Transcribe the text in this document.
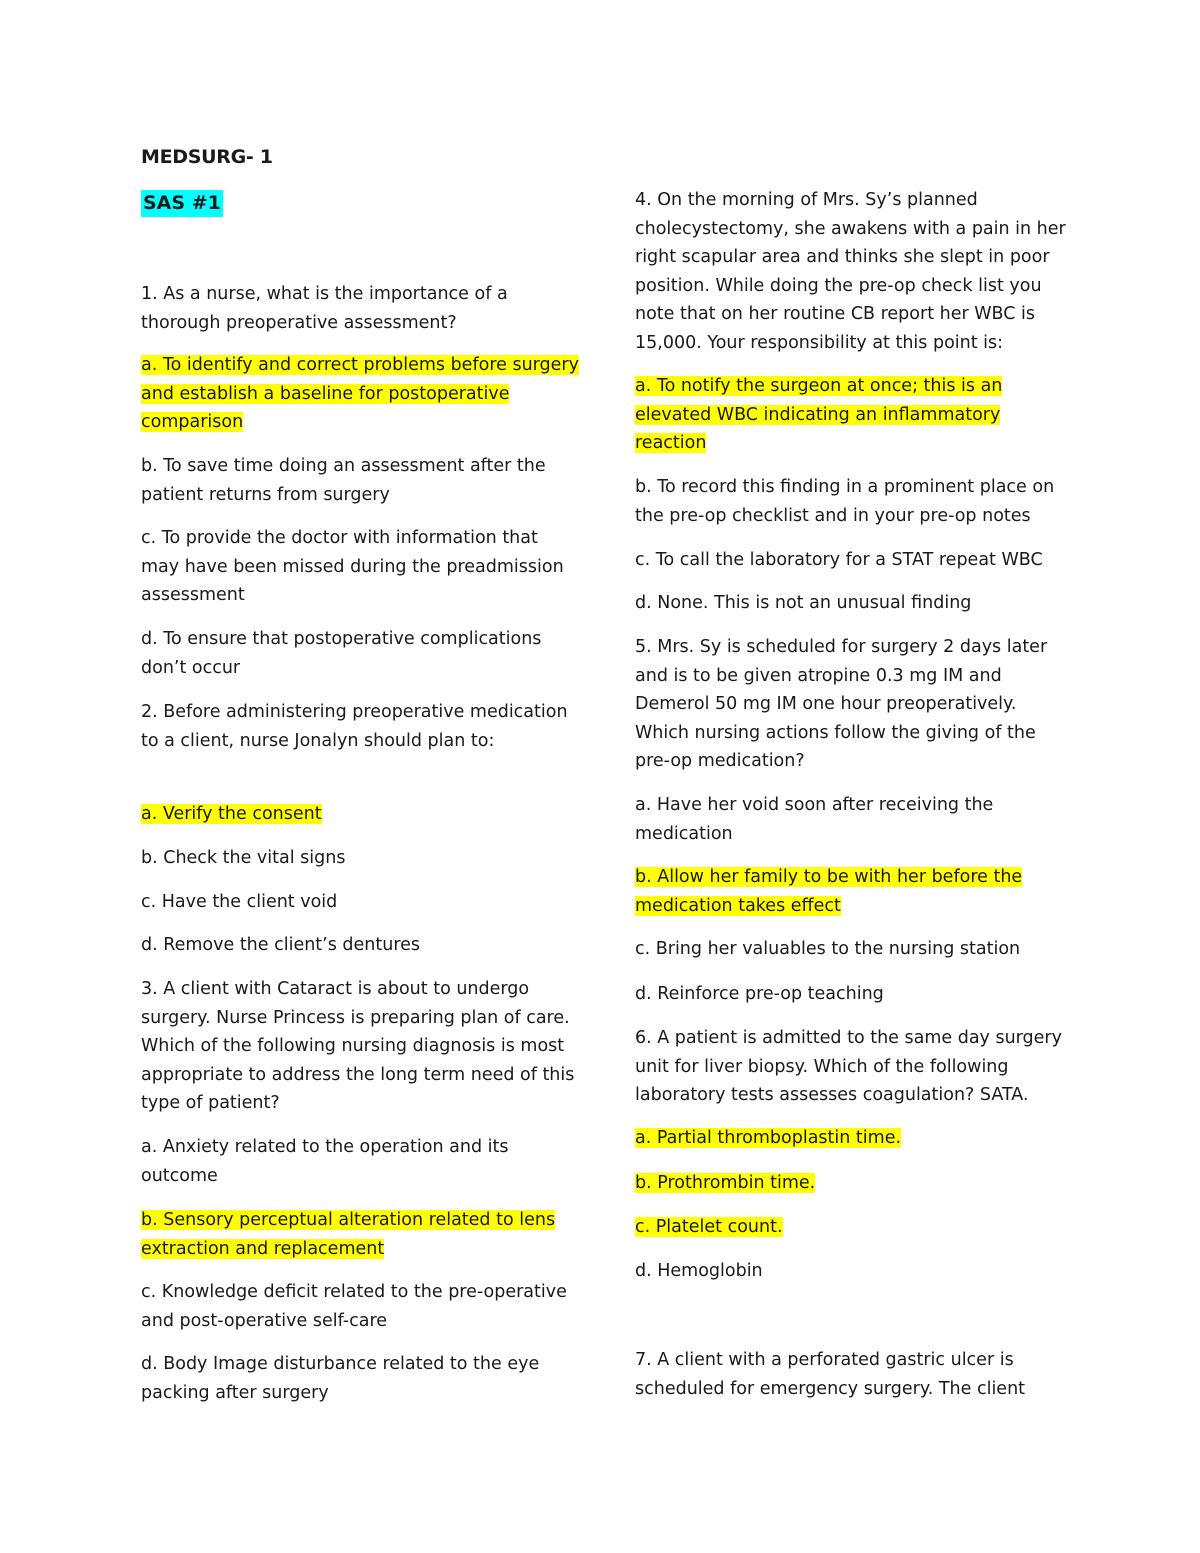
MEDSURG- 1
SAS #1

1. As a nurse, what is the importance of a thorough preoperative assessment?

a. To identify and correct problems before surgery and establish a baseline for postoperative comparison

b. To save time doing an assessment after the patient returns from surgery

c. To provide the doctor with information that may have been missed during the preadmission assessment

d. To ensure that postoperative complications don’t occur

2. Before administering preoperative medication to a client, nurse Jonalyn should plan to:

a. Verify the consent

b. Check the vital signs

c. Have the client void

d. Remove the client’s dentures

3. A client with Cataract is about to undergo surgery. Nurse Princess is preparing plan of care. Which of the following nursing diagnosis is most appropriate to address the long term need of this type of patient?

a. Anxiety related to the operation and its outcome

b. Sensory perceptual alteration related to lens extraction and replacement

c. Knowledge deficit related to the pre-operative and post-operative self-care

d. Body Image disturbance related to the eye packing after surgery

4. On the morning of Mrs. Sy’s planned cholecystectomy, she awakens with a pain in her right scapular area and thinks she slept in poor position. While doing the pre-op check list you note that on her routine CB report her WBC is 15,000. Your responsibility at this point is:

a. To notify the surgeon at once; this is an elevated WBC indicating an inflammatory reaction

b. To record this finding in a prominent place on the pre-op checklist and in your pre-op notes

c. To call the laboratory for a STAT repeat WBC

d. None. This is not an unusual finding

5. Mrs. Sy is scheduled for surgery 2 days later and is to be given atropine 0.3 mg IM and Demerol 50 mg IM one hour preoperatively. Which nursing actions follow the giving of the pre-op medication?

a. Have her void soon after receiving the medication

b. Allow her family to be with her before the medication takes effect

c. Bring her valuables to the nursing station

d. Reinforce pre-op teaching

6. A patient is admitted to the same day surgery unit for liver biopsy. Which of the following laboratory tests assesses coagulation? SATA.

a. Partial thromboplastin time.

b. Prothrombin time.

c. Platelet count.

d. Hemoglobin

7. A client with a perforated gastric ulcer is scheduled for emergency surgery. The client
